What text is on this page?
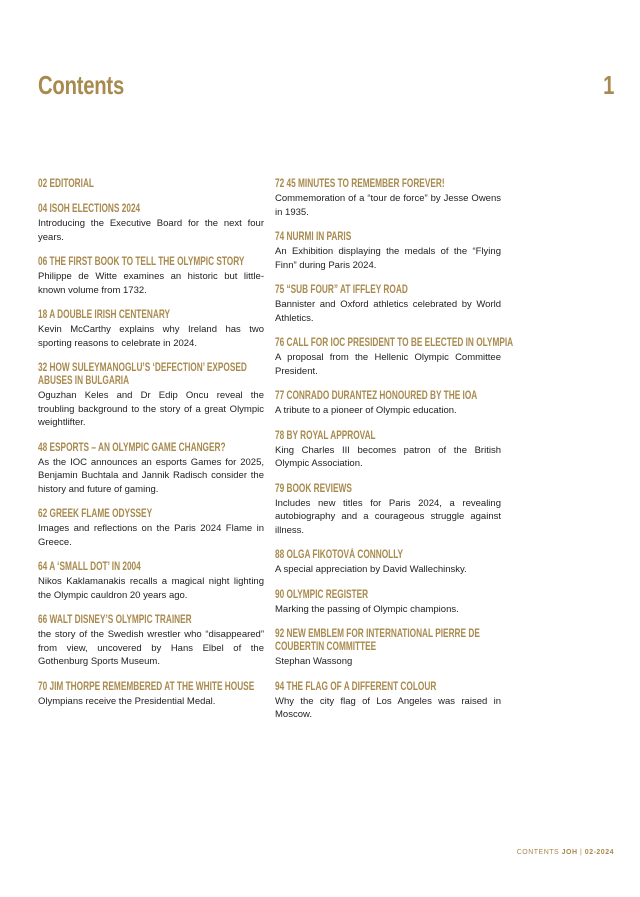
Contents	1
02 EDITORIAL
04 ISOH ELECTIONS 2024
Introducing the Executive Board for the next four years.
06 THE FIRST BOOK TO TELL THE OLYMPIC STORY
Philippe de Witte examines an historic but little-known volume from 1732.
18 A DOUBLE IRISH CENTENARY
Kevin McCarthy explains why Ireland has two sporting reasons to celebrate in 2024.
32 HOW SULEYMANOGLU’S ‘DEFECTION’ EXPOSED ABUSES IN BULGARIA
Oguzhan Keles and Dr Edip Oncu reveal the troubling background to the story of a great Olympic weightlifter.
48 ESPORTS – AN OLYMPIC GAME CHANGER?
As the IOC announces an esports Games for 2025, Benjamin Buchtala and Jannik Radisch consider the history and future of gaming.
62 GREEK FLAME ODYSSEY
Images and reflections on the Paris 2024 Flame in Greece.
64 A ‘SMALL DOT’ IN 2004
Nikos Kaklamanakis recalls a magical night lighting the Olympic cauldron 20 years ago.
66 WALT DISNEY’S OLYMPIC TRAINER
the story of the Swedish wrestler who “disappeared” from view, uncovered by Hans Elbel of the Gothenburg Sports Museum.
70 JIM THORPE REMEMBERED AT THE WHITE HOUSE
Olympians receive the Presidential Medal.
72 45 MINUTES TO REMEMBER FOREVER!
Commemoration of a “tour de force” by Jesse Owens in 1935.
74 NURMI IN PARIS
An Exhibition displaying the medals of the “Flying Finn” during Paris 2024.
75 “SUB FOUR” AT IFFLEY ROAD
Bannister and Oxford athletics celebrated by World Athletics.
76 CALL FOR IOC PRESIDENT TO BE ELECTED IN OLYMPIA
A proposal from the Hellenic Olympic Committee President.
77 CONRADO DURANTEZ HONOURED BY THE IOA
A tribute to a pioneer of Olympic education.
78 BY ROYAL APPROVAL
King Charles III becomes patron of the British Olympic Association.
79 BOOK REVIEWS
Includes new titles for Paris 2024, a revealing autobiography and a courageous struggle against illness.
88 OLGA FIKOTOVÁ CONNOLLY
A special appreciation by David Wallechinsky.
90 OLYMPIC REGISTER
Marking the passing of Olympic champions.
92 NEW EMBLEM FOR INTERNATIONAL PIERRE DE COUBERTIN COMMITTEE
Stephan Wassong
94 THE FLAG OF A DIFFERENT COLOUR
Why the city flag of Los Angeles was raised in Moscow.
CONTENTS JOH | 02-2024
